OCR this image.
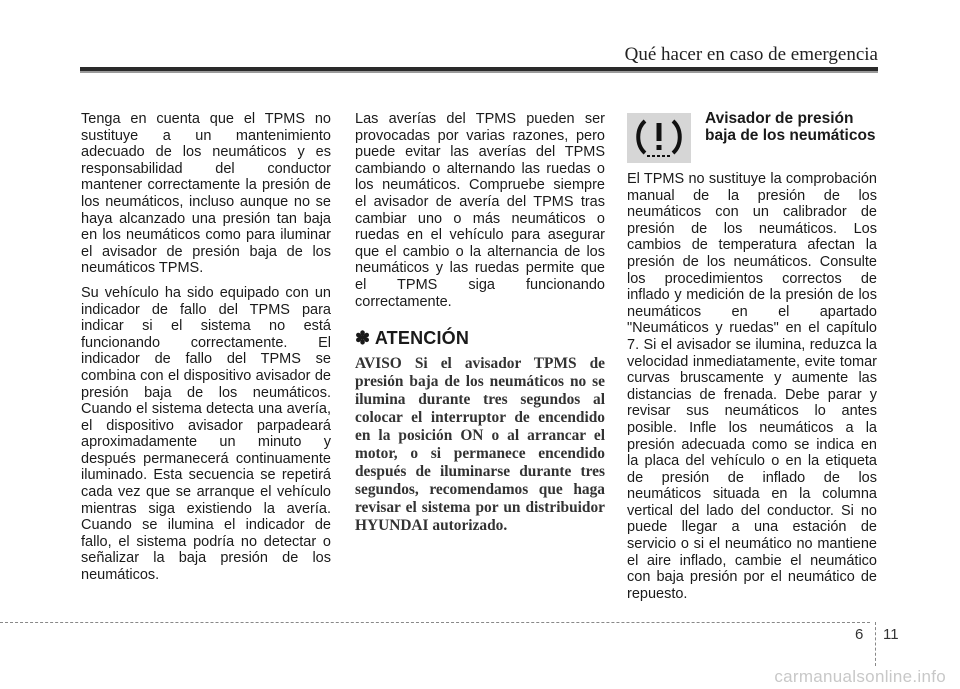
Qué hacer en caso de emergencia

Tenga en cuenta que el TPMS no sustituye a un mantenimiento adecuado de los neumáticos y es responsabilidad del conductor mantener correctamente la presión de los neumáticos, incluso aunque no se haya alcanzado una presión tan baja en los neumáticos como para iluminar el avisador de presión baja de los neumáticos TPMS.

Su vehículo ha sido equipado con un indicador de fallo del TPMS para indicar si el sistema no está funcionando correctamente. El indicador de fallo del TPMS se combina con el dispositivo avisador de presión baja de los neumáticos. Cuando el sistema detecta una avería, el dispositivo avisador parpadeará aproximadamente un minuto y después permanecerá continuamente iluminado. Esta secuencia se repetirá cada vez que se arranque el vehículo mientras siga existiendo la avería. Cuando se ilumina el indicador de fallo, el sistema podría no detectar o señalizar la baja presión de los neumáticos.

Las averías del TPMS pueden ser provocadas por varias razones, pero puede evitar las averías del TPMS cambiando o alternando las ruedas o los neumáticos. Compruebe siempre el avisador de avería del TPMS tras cambiar uno o más neumáticos o ruedas en el vehículo para asegurar que el cambio o la alternancia de los neumáticos y las ruedas permite que el TPMS siga funcionando correctamente.

✽ ATENCIÓN
AVISO Si el avisador TPMS de presión baja de los neumáticos no se ilumina durante tres segundos al colocar el interruptor de encendido en la posición ON o al arrancar el motor, o si permanece encendido después de iluminarse durante tres segundos, recomendamos que haga revisar el sistema por un distribuidor HYUNDAI autorizado.
Avisador de presión baja de los neumáticos

El TPMS no sustituye la comprobación manual de la presión de los neumáticos con un calibrador de presión de los neumáticos. Los cambios de temperatura afectan la presión de los neumáticos. Consulte los procedimientos correctos de inflado y medición de la presión de los neumáticos en el apartado "Neumáticos y ruedas" en el capítulo 7. Si el avisador se ilumina, reduzca la velocidad inmediatamente, evite tomar curvas bruscamente y aumente las distancias de frenada. Debe parar y revisar sus neumáticos lo antes posible. Infle los neumáticos a la presión adecuada como se indica en la placa del vehículo o en la etiqueta de presión de inflado de los neumáticos situada en la columna vertical del lado del conductor. Si no puede llegar a una estación de servicio o si el neumático no mantiene el aire inflado, cambie el neumático con baja presión por el neumático de repuesto.

6 11
carmanualsonline.info
